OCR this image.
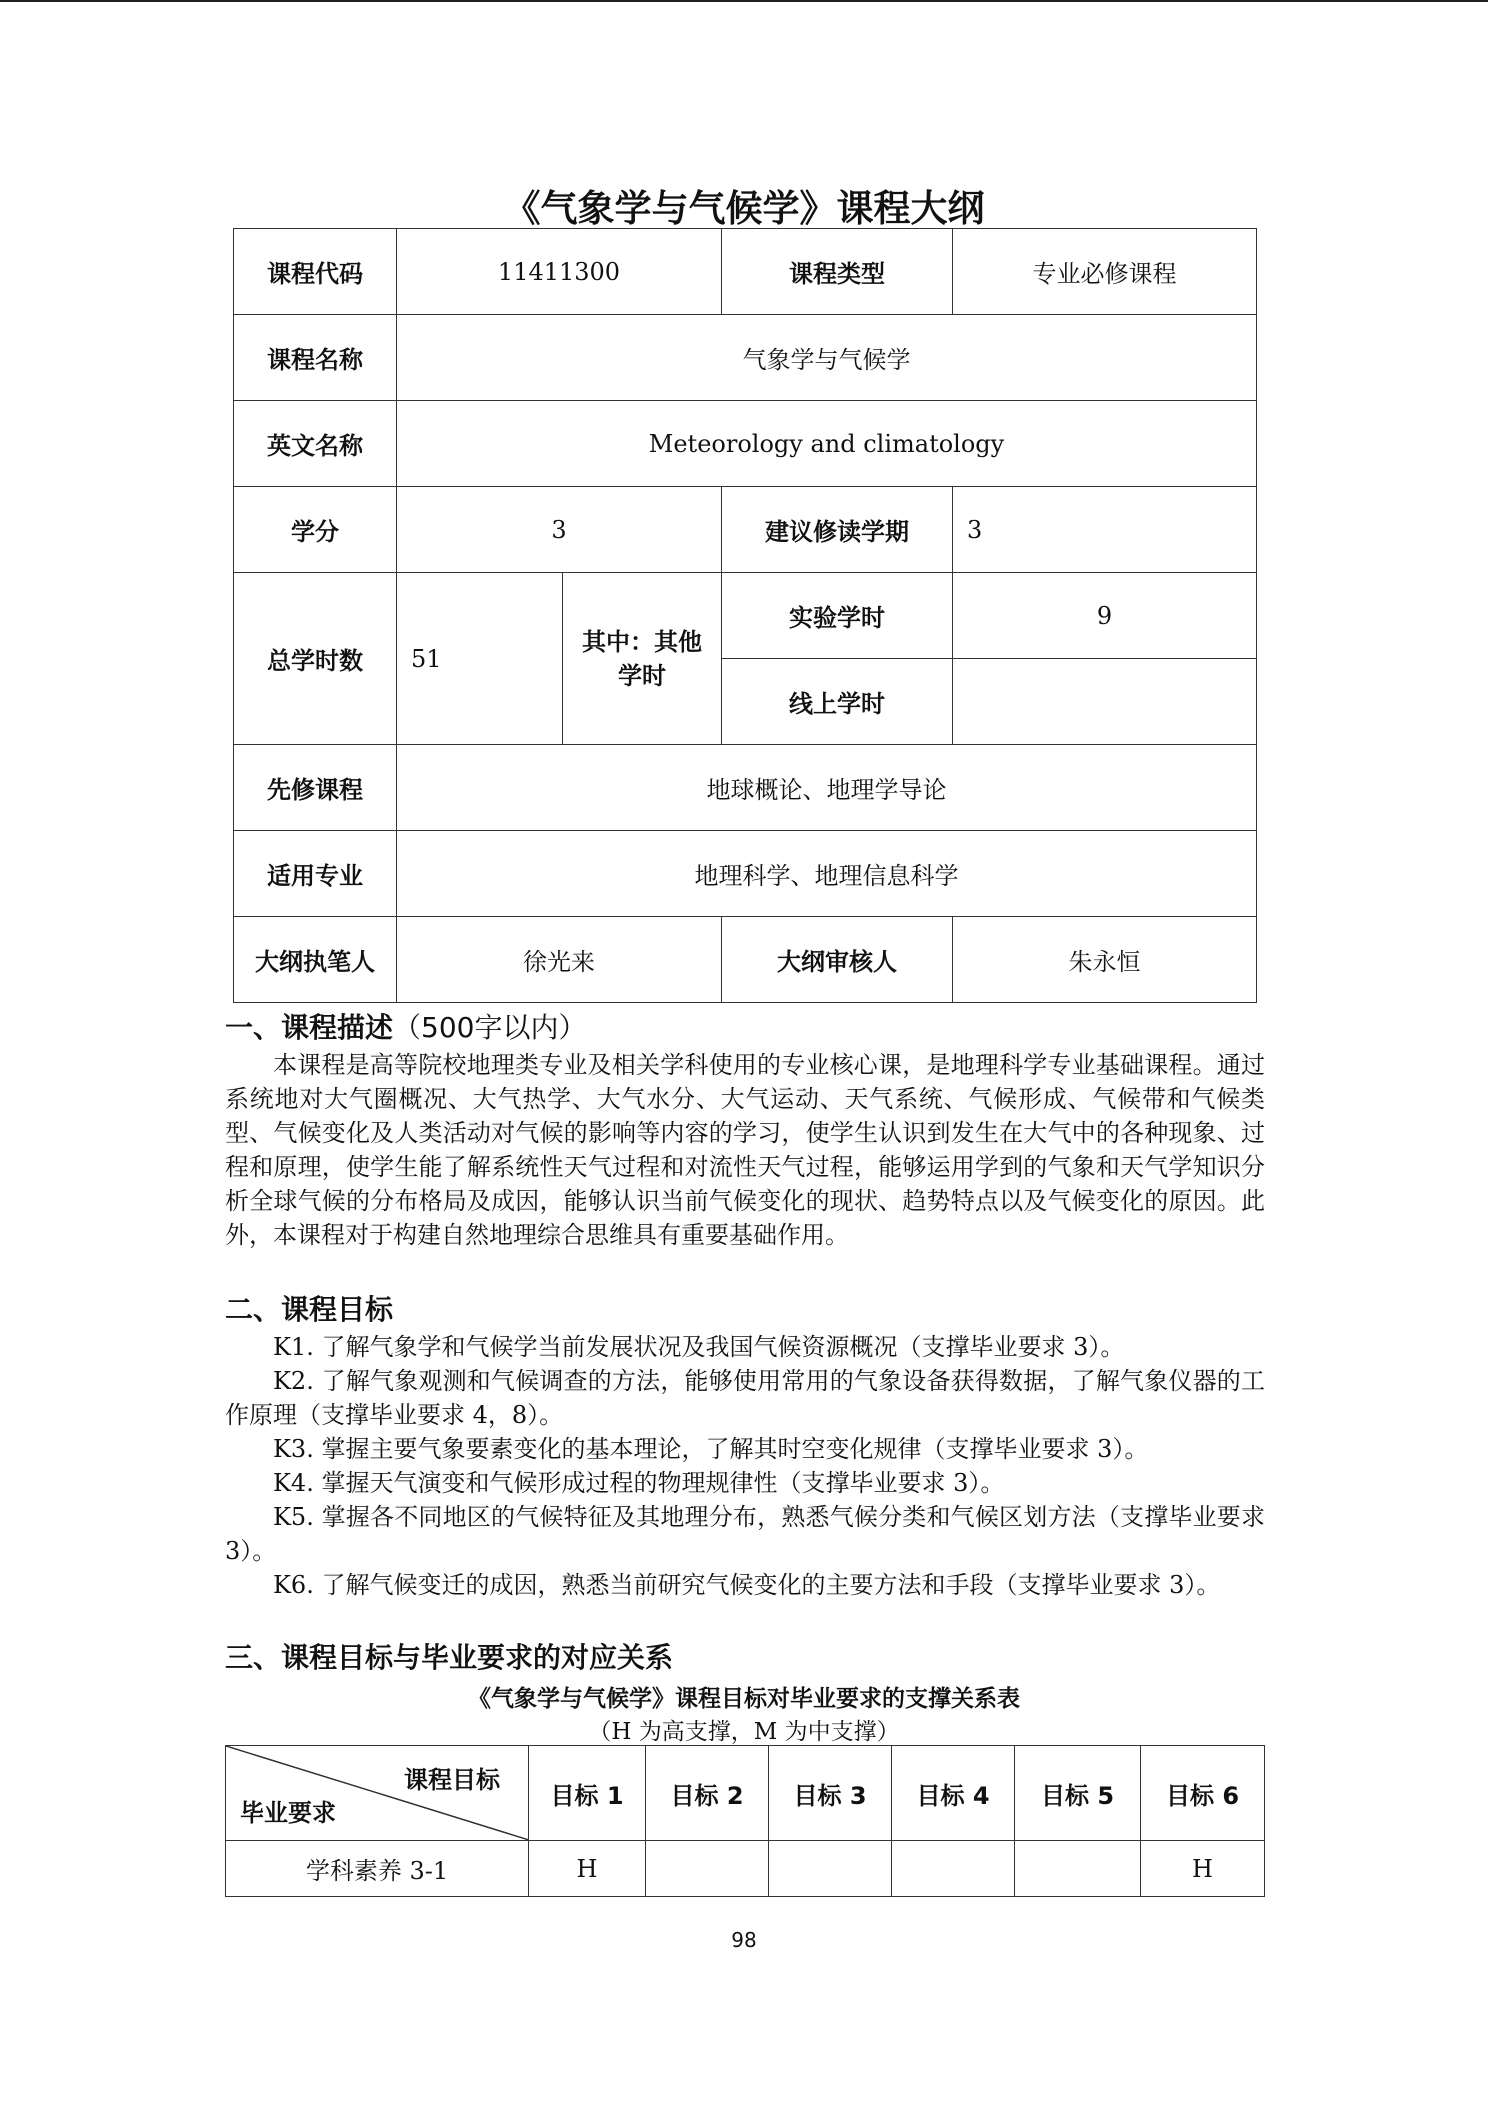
《气象学与气候学》课程大纲
课程代码	11411300		课程类型	专业必修课程
课程名称	气象学与气候学			
英文名称	Meteorology and climatology			
学分	3		建议修读学期	3
总学时数	51	其中：其他学时	实验学时	9
			线上学时	
先修课程	地球概论、地理学导论			
适用专业	地理科学、地理信息科学			
大纲执笔人	徐光来		大纲审核人	朱永恒
一、课程描述（500字以内）

本课程是高等院校地理类专业及相关学科使用的专业核心课，是地理科学专业基础课程。通过系统地对大气圈概况、大气热学、大气水分、大气运动、天气系统、气候形成、气候带和气候类型、气候变化及人类活动对气候的影响等内容的学习，使学生认识到发生在大气中的各种现象、过程和原理，使学生能了解系统性天气过程和对流性天气过程，能够运用学到的气象和天气学知识分析全球气候的分布格局及成因，能够认识当前气候变化的现状、趋势特点以及气候变化的原因。此外，本课程对于构建自然地理综合思维具有重要基础作用。

二、课程目标

K1. 了解气象学和气候学当前发展状况及我国气候资源概况（支撑毕业要求 3）。

K2. 了解气象观测和气候调查的方法，能够使用常用的气象设备获得数据，了解气象仪器的工作原理（支撑毕业要求 4，8）。

K3. 掌握主要气象要素变化的基本理论，了解其时空变化规律（支撑毕业要求 3）。

K4. 掌握天气演变和气候形成过程的物理规律性（支撑毕业要求 3）。

K5. 掌握各不同地区的气候特征及其地理分布，熟悉气候分类和气候区划方法（支撑毕业要求 3）。

K6. 了解气候变迁的成因，熟悉当前研究气候变化的主要方法和手段（支撑毕业要求 3）。

三、课程目标与毕业要求的对应关系
《气象学与气候学》课程目标对毕业要求的支撑关系表
（H 为高支撑，M 为中支撑）
课程目标
毕业要求	目标 1	目标 2	目标 3	目标 4	目标 5	目标 6
学科素养 3-1	H					H
98
